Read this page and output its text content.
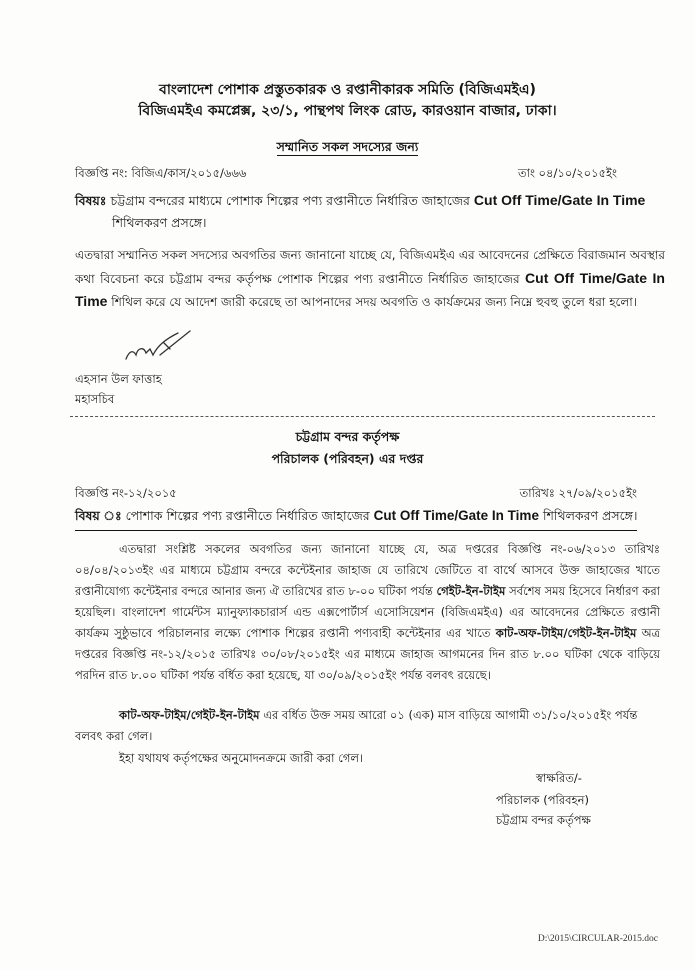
বাংলাদেশ পোশাক প্রস্তুতকারক ও রপ্তানীকারক সমিতি (বিজিএমইএ)
বিজিএমইএ কমপ্লেক্স, ২৩/১, পান্থপথ লিংক রোড, কারওয়ান বাজার, ঢাকা।
সম্মানিত সকল সদস্যের জন্য
বিজ্ঞপ্তি নং: বিজিএ/কাস/২০১৫/৬৬৬	তাং ০৪/১০/২০১৫ইং
বিষয়ঃ চট্টগ্রাম বন্দরের মাধ্যমে পোশাক শিল্পের পণ্য রপ্তানীতে নির্ধারিত জাহাজের Cut Off Time/Gate In Time
শিথিলকরণ প্রসঙ্গে।
এতদ্বারা সম্মানিত সকল সদস্যের অবগতির জন্য জানানো যাচ্ছে যে, বিজিএমইএ এর আবেদনের প্রেক্ষিতে বিরাজমান অবস্থার কথা বিবেচনা করে চট্টগ্রাম বন্দর কর্তৃপক্ষ পোশাক শিল্পের পণ্য রপ্তানীতে নির্ধারিত জাহাজের Cut Off Time/Gate In Time শিথিল করে যে আদেশ জারী করেছে তা আপনাদের সদয় অবগতি ও কার্যক্রমের জন্য নিম্নে হুবহু তুলে ধরা হলো।
এহসান উল ফাত্তাহ
মহাসচিব
চট্টগ্রাম বন্দর কর্তৃপক্ষ
পরিচালক (পরিবহন) এর দপ্তর
বিজ্ঞপ্তি নং-১২/২০১৫	তারিখঃ ২৭/০৯/২০১৫ইং
বিষয় ঃ পোশাক শিল্পের পণ্য রপ্তানীতে নির্ধারিত জাহাজের Cut Off Time/Gate In Time শিথিলকরণ প্রসঙ্গে।
এতদ্বারা সংশ্লিষ্ট সকলের অবগতির জন্য জানানো যাচ্ছে যে, অত্র দপ্তরের বিজ্ঞপ্তি নং-০৬/২০১৩ তারিখঃ ০৪/০৪/২০১৩ইং এর মাধ্যমে চট্টগ্রাম বন্দরে কন্টেইনার জাহাজ যে তারিখে জেটিতে বা বার্থে আসবে উক্ত জাহাজের খাতে রপ্তানীযোগ্য কন্টেইনার বন্দরে আনার জন্য ঐ তারিখের রাত ৮-০০ ঘটিকা পর্যন্ত গেইট-ইন-টাইম সর্বশেষ সময় হিসেবে নির্ধারণ করা হয়েছিল। বাংলাদেশ গার্মেন্টস ম্যানুফ্যাকচারার্স এন্ড এক্সপোর্টার্স এসোসিয়েশন (বিজিএমইএ) এর আবেদনের প্রেক্ষিতে রপ্তানী কার্যক্রম সুষ্ঠুভাবে পরিচালনার লক্ষ্যে পোশাক শিল্পের রপ্তানী পণ্যবাহী কন্টেইনার এর খাতে কাট-অফ-টাইম/গেইট-ইন-টাইম অত্র দপ্তরের বিজ্ঞপ্তি নং-১২/২০১৫ তারিখঃ ৩০/০৮/২০১৫ইং এর মাধ্যমে জাহাজ আগমনের দিন রাত ৮.০০ ঘটিকা থেকে বাড়িয়ে পরদিন রাত ৮.০০ ঘটিকা পর্যন্ত বর্ধিত করা হয়েছে, যা ৩০/০৯/২০১৫ইং পর্যন্ত বলবৎ রয়েছে।
কাট-অফ-টাইম/গেইট-ইন-টাইম এর বর্ধিত উক্ত সময় আরো ০১ (এক) মাস বাড়িয়ে আগামী ৩১/১০/২০১৫ইং পর্যন্ত বলবৎ করা গেল।
ইহা যথাযথ কর্তৃপক্ষের অনুমোদনক্রমে জারী করা গেল।
স্বাক্ষরিত/-
পরিচালক (পরিবহন)
চট্টগ্রাম বন্দর কর্তৃপক্ষ
D:\2015\CIRCULAR-2015.doc
